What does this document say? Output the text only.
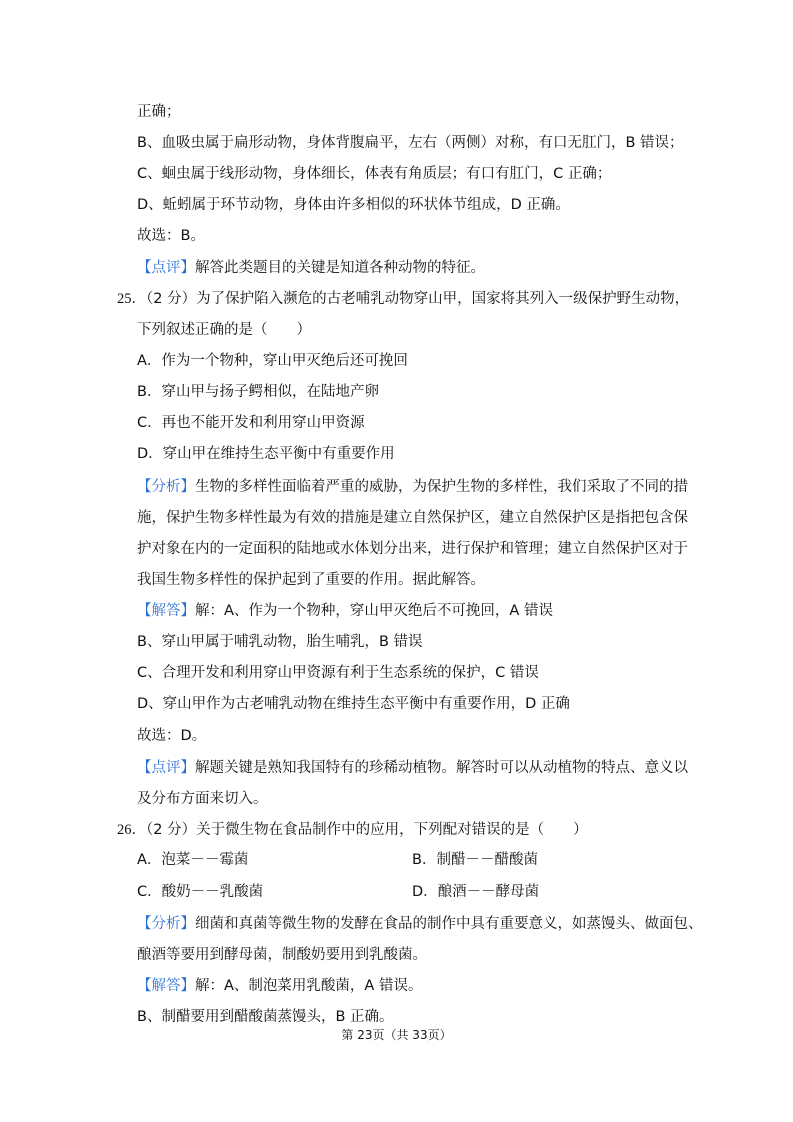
正确；
B、血吸虫属于扁形动物，身体背腹扁平，左右（两侧）对称，有口无肛门，B 错误；
C、蛔虫属于线形动物，身体细长，体表有角质层；有口有肛门，C 正确；
D、蚯蚓属于环节动物，身体由许多相似的环状体节组成，D 正确。
故选：B。
【点评】解答此类题目的关键是知道各种动物的特征。
25．（2 分）为了保护陷入濒危的古老哺乳动物穿山甲，国家将其列入一级保护野生动物，
下列叙述正确的是（　　）
A．作为一个物种，穿山甲灭绝后还可挽回
B．穿山甲与扬子鳄相似，在陆地产卵
C．再也不能开发和利用穿山甲资源
D．穿山甲在维持生态平衡中有重要作用
【分析】生物的多样性面临着严重的威胁，为保护生物的多样性，我们采取了不同的措
施，保护生物多样性最为有效的措施是建立自然保护区，建立自然保护区是指把包含保
护对象在内的一定面积的陆地或水体划分出来，进行保护和管理；建立自然保护区对于
我国生物多样性的保护起到了重要的作用。据此解答。
【解答】解：A、作为一个物种，穿山甲灭绝后不可挽回，A 错误
B、穿山甲属于哺乳动物，胎生哺乳，B 错误
C、合理开发和利用穿山甲资源有利于生态系统的保护，C 错误
D、穿山甲作为古老哺乳动物在维持生态平衡中有重要作用，D 正确
故选：D。
【点评】解题关键是熟知我国特有的珍稀动植物。解答时可以从动植物的特点、意义以
及分布方面来切入。
26．（2 分）关于微生物在食品制作中的应用，下列配对错误的是（　　）
A．泡菜－－霉菌	B．制醋－－醋酸菌
C．酸奶－－乳酸菌	D．酿酒－－酵母菌
【分析】细菌和真菌等微生物的发酵在食品的制作中具有重要意义，如蒸馒头、做面包、
酿酒等要用到酵母菌，制酸奶要用到乳酸菌。
【解答】解：A、制泡菜用乳酸菌，A 错误。
B、制醋要用到醋酸菌蒸馒头，B 正确。
第 23页（共 33页）
